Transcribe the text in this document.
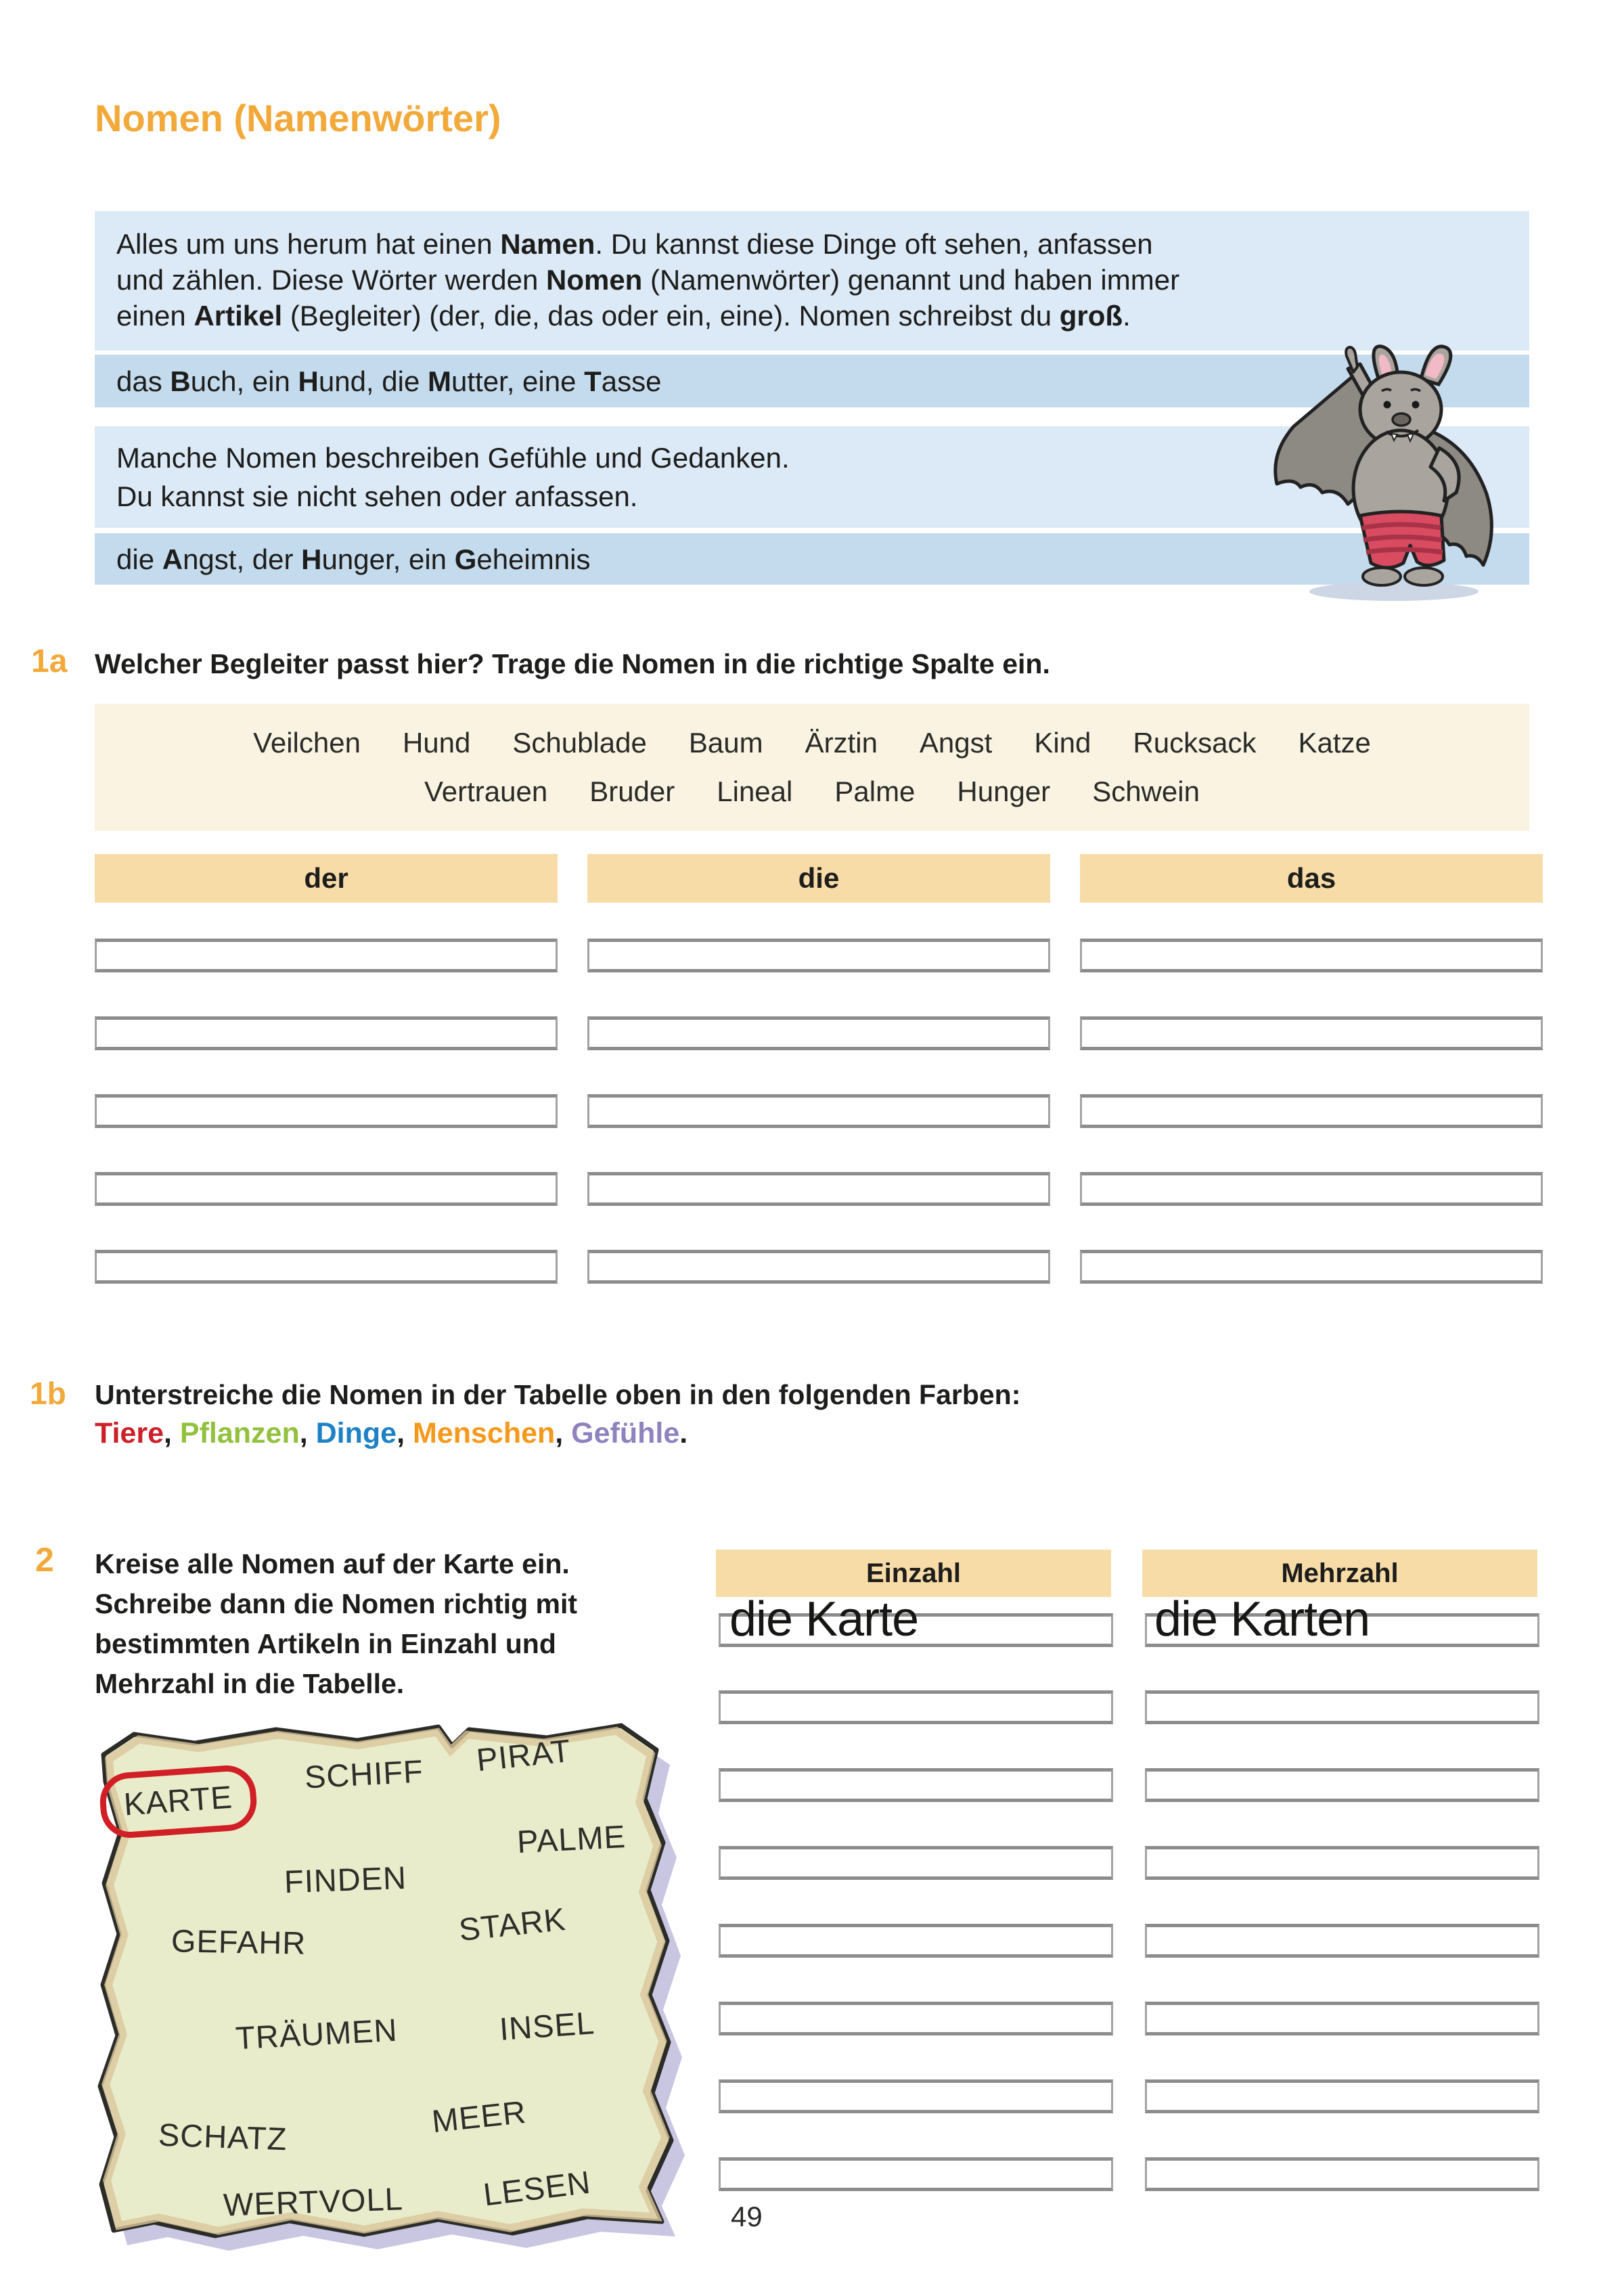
Nomen (Namenwörter)

Alles um uns herum hat einen Namen. Du kannst diese Dinge oft sehen, anfassen

und zählen. Diese Wörter werden Nomen (Namenwörter) genannt und haben immer

einen Artikel (Begleiter) (der, die, das oder ein, eine). Nomen schreibst du groß.

das Buch, ein Hund, die Mutter, eine Tasse

Manche Nomen beschreiben Gefühle und Gedanken.

Du kannst sie nicht sehen oder anfassen.

die Angst, der Hunger, ein Geheimnis

1a Welcher Begleiter passt hier? Trage die Nomen in die richtige Spalte ein.
Veilchen Hund Schublade Baum Ärztin Angst Kind Rucksack Katze
Vertrauen Bruder Lineal Palme Hunger Schwein
der	die	das
1b Unterstreiche die Nomen in der Tabelle oben in den folgenden Farben:
Tiere , Pflanzen , Dinge , Menschen , Gefühle .
2 Kreise alle Nomen auf der Karte ein.
Schreibe dann die Nomen richtig mit
bestimmten Artikeln in Einzahl und
Mehrzahl in die Tabelle.
KARTE
SCHIFF PIRAT
PALME
FINDEN
STARK
GEFAHR
TRÄUMEN	INSEL
MEER
SCHATZ
WERTVOLL LESEN
Einzahl	Mehrzahl
die Karte	die Karten
49
